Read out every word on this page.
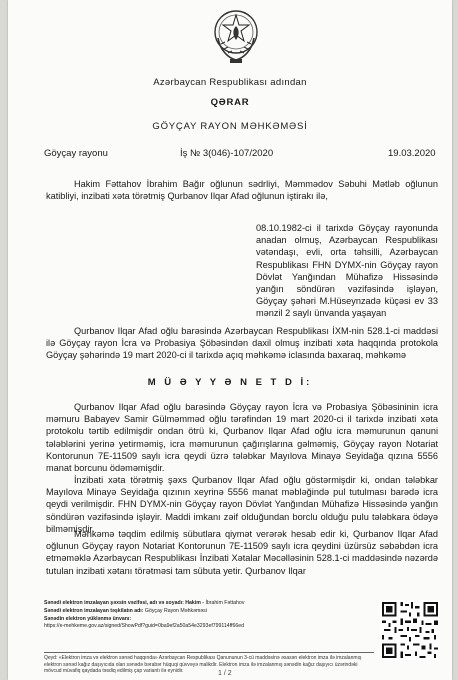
Azərbaycan Respublikası adından
QƏRAR
GÖYÇAY RAYON MƏHKƏMƏSİ
Göyçay rayonu	İş № 3(046)-107/2020	19.03.2020

Hakim Fəttahov İbrahim Bağır oğlunun sədrliyi, Məmmədov Səbuhi Mətləb oğlunun katibliyi, inzibati xəta törətmiş Qurbanov Ilqar Afad oğlunun iştirakı ilə,

08.10.1982-ci il tarixdə Göyçay rayonunda anadan olmuş, Azərbaycan Respublikası vətəndaşı, evli, orta təhsilli, Azərbaycan Respublikası FHN DYMX-nin Göyçay rayon Dövlət Yanğından Mühafizə Hissəsində yanğın söndürən vəzifəsində işləyən, Göyçay şəhəri M.Hüseynzadə küçəsi ev 33 mənzil 2 saylı ünvanda yaşayan

Qurbanov Ilqar Afad oğlu barəsində Azərbaycan Respublikası İXM-nin 528.1-ci maddəsi ilə Göyçay rayon İcra və Probasiya Şöbəsindən daxil olmuş inzibati xəta haqqında protokola Göyçay şəhərində 19 mart 2020-ci il tarixdə açıq məhkəmə iclasında baxaraq, məhkəmə

M Ü Ə Y Y Ə N E T D İ:

Qurbanov Ilqar Afad oğlu barəsində Göyçay rayon İcra və Probasiya Şöbəsininin icra məmuru Babayev Samir Gülməmməd oğlu tərəfindən 19 mart 2020-ci il tarixdə inzibati xəta protokolu tərtib edilmişdir ondan ötrü ki, Qurbanov Ilqar Afad oğlu icra məmurunun qanuni tələblərini yerinə yetirməmiş, icra məmurunun çağırışlarına gəlməmiş, Göyçay rayon Notariat Kontorunun 7E-11509 saylı icra qeydi üzrə tələbkar Mayılova Minayə Seyidağa qızına 5556 manat borcunu ödəməmişdir.

İnzibati xəta törətmiş şəxs Qurbanov Ilqar Afad oğlu göstərmişdir ki, ondan tələbkar Mayılova Minayə Seyidağa qızının xeyrinə 5556 manat məbləğində pul tutulması barədə icra qeydi verilmişdir. FHN DYMX-nin Göyçay rayon Dövlət Yanğından Mühafizə Hissəsində yanğın söndürən vəzifəsində işləyir. Maddi imkanı zəif olduğundan borclu olduğu pulu tələbkara ödəyə bilməmişdir.

Məhkəmə təqdim edilmiş sübutlara qiymət verərək hesab edir ki, Qurbanov Ilqar Afad oğlunun Göyçay rayon Notariat Kontorunun 7E-11509 saylı icra qeydini üzürsüz səbəbdən icra etməməklə Azərbaycan Respublikası İnzibati Xətalar Məcəlləsinin 528.1-ci maddəsində nəzərdə tutulan inzibati xətanı törətməsi tam sübuta yetir. Qurbanov Ilqar

Sənədi elektron imzalayan şəxsin vəzifəsi, adı və soyadı: Hakim - İbrahim Fəttahov
Sənədi elektron imzalayan təşkilatın adı: Göyçay Rayon Məhkəməsi
Sənədin elektron yüklənmə ünvanı:
https://e-mehkeme.gov.az/signed/ShowPdf?guid=0ba9ef2a50a54e3293ef799114ff66ed
Qeyd: «Elektron imza və elektron sənəd haqqında» Azərbaycan Respublikası Qanununun 3-cü maddəsinə əsasən elektron imza ilə imzalanmış elektron sənəd kağız daşıyıcıda olan sənədə bərabər hüquqi qüvvəyə malikdir. Elektron imza ilə imzalanmış sənədin kağız daşıyıcı üzərindəki mövcud müvafiq qaydada təsdiq edilmiş çap variantı ilə eynidir.	1 / 2
